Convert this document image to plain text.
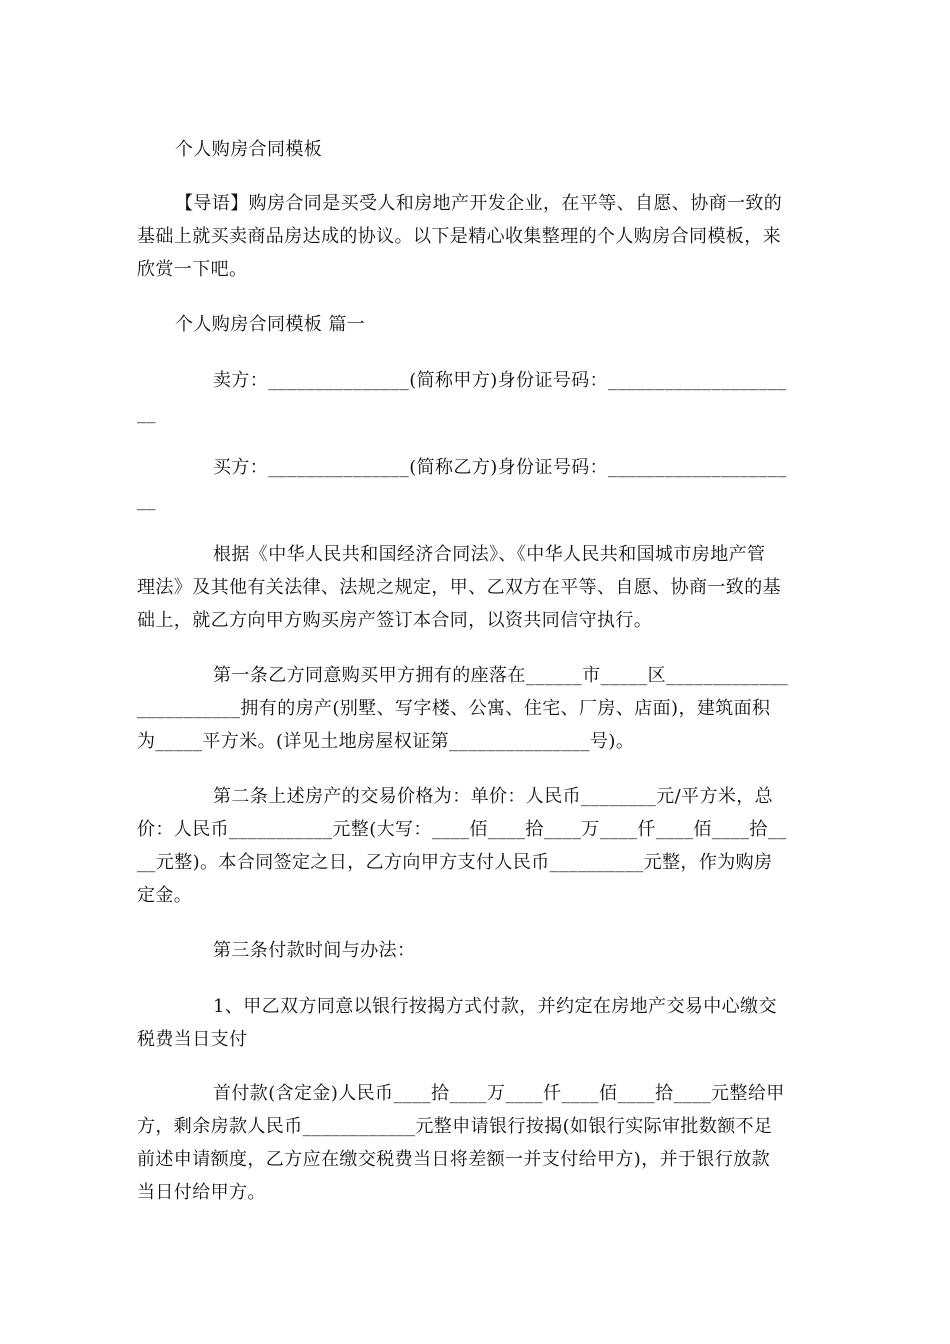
个人购房合同模板
【导语】购房合同是买受人和房地产开发企业，在平等、自愿、协商一致的
基础上就买卖商品房达成的协议。以下是精心收集整理的个人购房合同模板，来
欣赏一下吧。
个人购房合同模板 篇一
卖方：_______________(简称甲方)身份证号码：___________________
__
买方：_______________(简称乙方)身份证号码：___________________
__
根据《中华人民共和国经济合同法》、《中华人民共和国城市房地产管
理法》及其他有关法律、法规之规定，甲、乙双方在平等、自愿、协商一致的基
础上，就乙方向甲方购买房产签订本合同，以资共同信守执行。
第一条乙方同意购买甲方拥有的座落在______市_____区_____________
___________拥有的房产(别墅、写字楼、公寓、住宅、厂房、店面)，建筑面积
为_____平方米。(详见土地房屋权证第_______________号)。
第二条上述房产的交易价格为：单价：人民币________元/平方米，总
价：人民币___________元整(大写：____佰____拾____万____仟____佰____拾__
__元整)。本合同签定之日，乙方向甲方支付人民币__________元整，作为购房
定金。
第三条付款时间与办法：
1、甲乙双方同意以银行按揭方式付款，并约定在房地产交易中心缴交
税费当日支付
首付款(含定金)人民币____拾____万____仟____佰____拾____元整给甲
方，剩余房款人民币____________元整申请银行按揭(如银行实际审批数额不足
前述申请额度，乙方应在缴交税费当日将差额一并支付给甲方)，并于银行放款
当日付给甲方。
